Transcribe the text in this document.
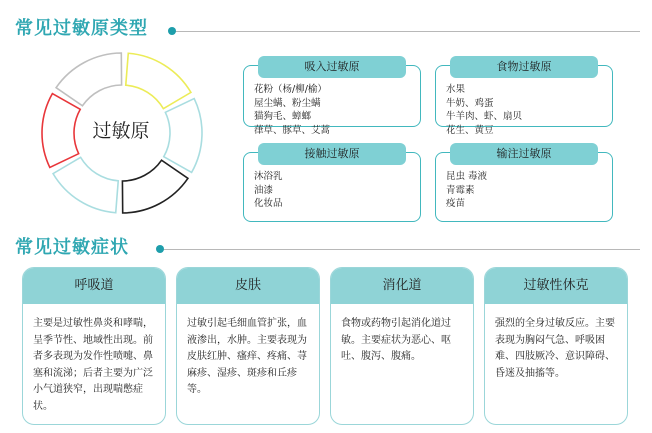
常见过敏原类型
过敏原
吸入过敏原
花粉（杨/柳/榆）
屋尘螨、粉尘螨
猫狗毛、蟑螂
葎草、豚草、艾蒿
食物过敏原
水果
牛奶、鸡蛋
牛羊肉、虾、扇贝
花生、黄豆
接触过敏原
沐浴乳
油漆
化妆品
输注过敏原
昆虫 毒液
青霉素
疫苗
常见过敏症状
呼吸道
主要是过敏性鼻炎和哮喘，呈季节性、地域性出现。前者多表现为发作性喷嚏、鼻塞和流涕；后者主要为广泛小气道狭窄，出现喘憋症状。
皮肤
过敏引起毛细血管扩张，血液渗出，水肿。主要表现为皮肤红肿、瘙痒、疼痛、荨麻疹、湿疹、斑疹和丘疹等。
消化道
食物或药物引起消化道过敏。主要症状为恶心、呕吐、腹泻、腹痛。
过敏性休克
强烈的全身过敏反应。主要表现为胸闷气急、呼吸困难、四肢厥冷、意识障碍、昏迷及抽搐等。
